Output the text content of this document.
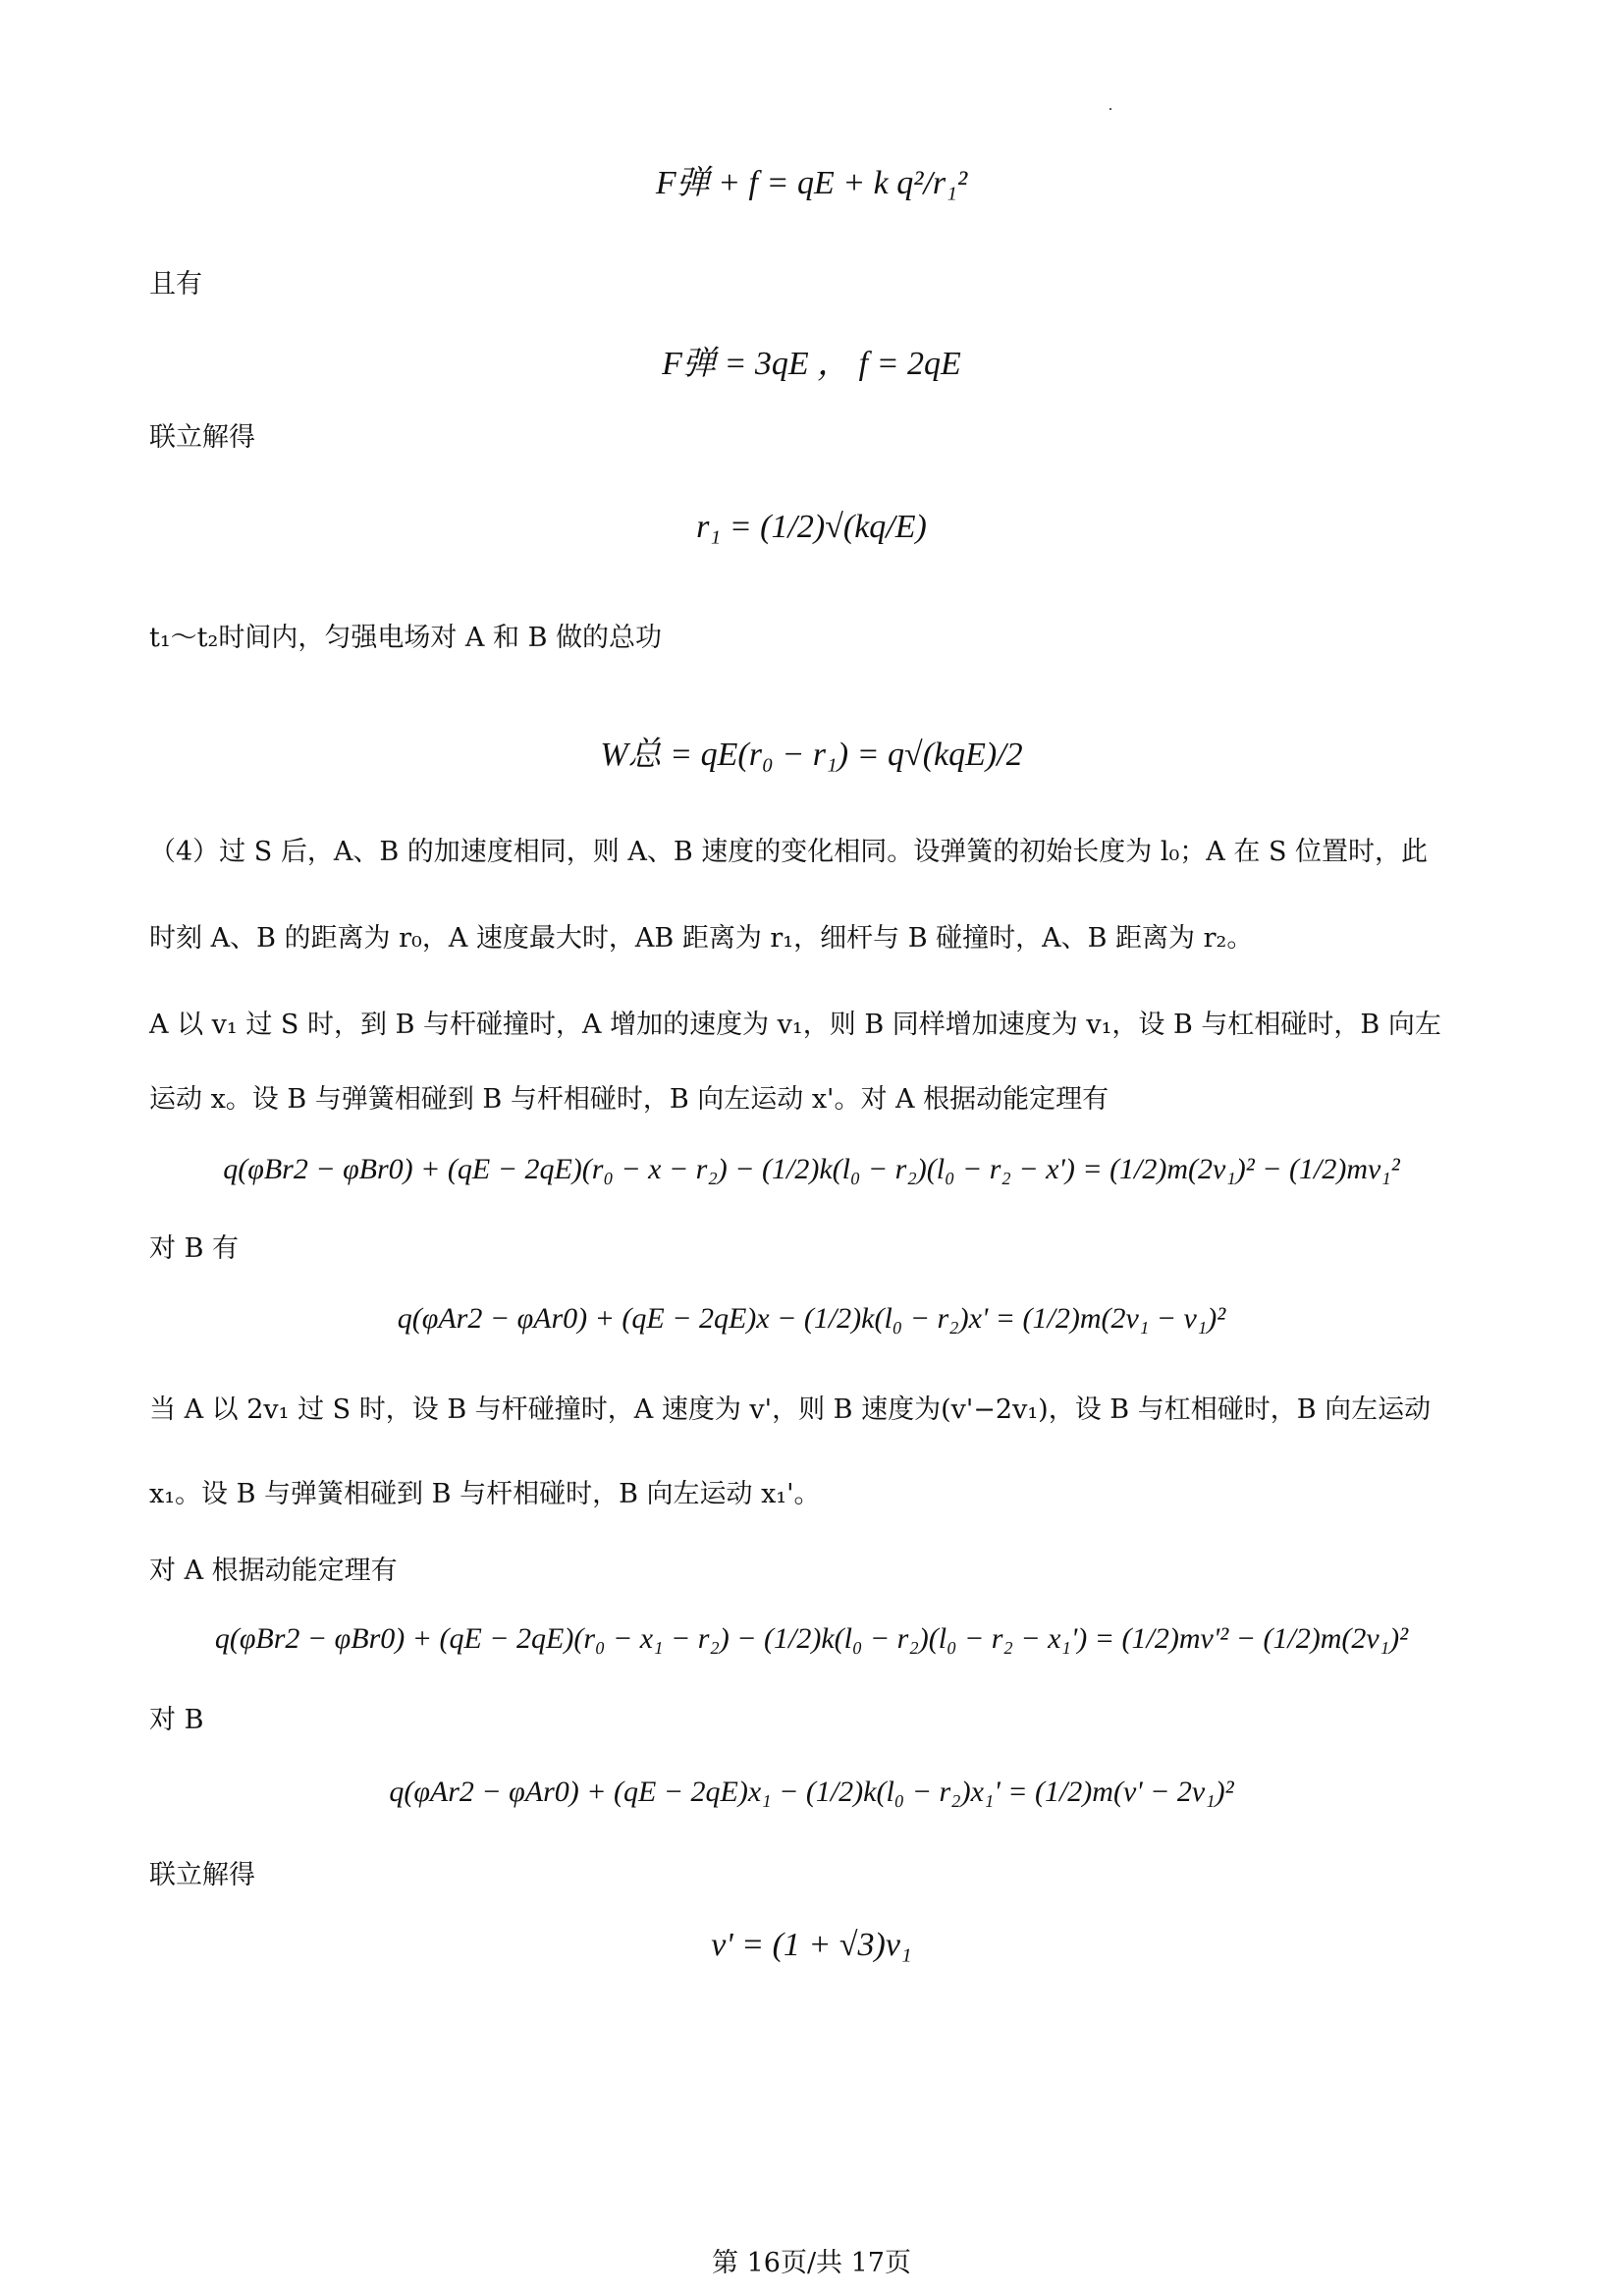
F弹 + f = qE + k q²/r₁²
且有
F弹 = 3qE ， f = 2qE
联立解得
r₁ = (1/2)√(kq/E)
t₁～t₂时间内，匀强电场对 A 和 B 做的总功
W总 = qE(r₀ − r₁) = q√(kqE)/2
（4）过 S 后，A、B 的加速度相同，则 A、B 速度的变化相同。设弹簧的初始长度为 l₀；A 在 S 位置时，此
时刻 A、B 的距离为 r₀，A 速度最大时，AB 距离为 r₁，细杆与 B 碰撞时，A、B 距离为 r₂。
A 以 v₁ 过 S 时，到 B 与杆碰撞时，A 增加的速度为 v₁，则 B 同样增加速度为 v₁，设 B 与杠相碰时，B 向左
运动 x。设 B 与弹簧相碰到 B 与杆相碰时，B 向左运动 x'。对 A 根据动能定理有
q(φBr2 − φBr0) + (qE − 2qE)(r₀ − x − r₂) − (1/2)k(l₀ − r₂)(l₀ − r₂ − x') = (1/2)m(2v₁)² − (1/2)mv₁²
对 B 有
q(φAr2 − φAr0) + (qE − 2qE)x − (1/2)k(l₀ − r₂)x' = (1/2)m(2v₁ − v₁)²
当 A 以 2v₁ 过 S 时，设 B 与杆碰撞时，A 速度为 v'，则 B 速度为(v'−2v₁)，设 B 与杠相碰时，B 向左运动
x₁。设 B 与弹簧相碰到 B 与杆相碰时，B 向左运动 x₁'。
对 A 根据动能定理有
q(φBr2 − φBr0) + (qE − 2qE)(r₀ − x₁ − r₂) − (1/2)k(l₀ − r₂)(l₀ − r₂ − x₁') = (1/2)mv'² − (1/2)m(2v₁)²
对 B
q(φAr2 − φAr0) + (qE − 2qE)x₁ − (1/2)k(l₀ − r₂)x₁' = (1/2)m(v' − 2v₁)²
联立解得
v' = (1 + √3)v₁
第 16页/共 17页
